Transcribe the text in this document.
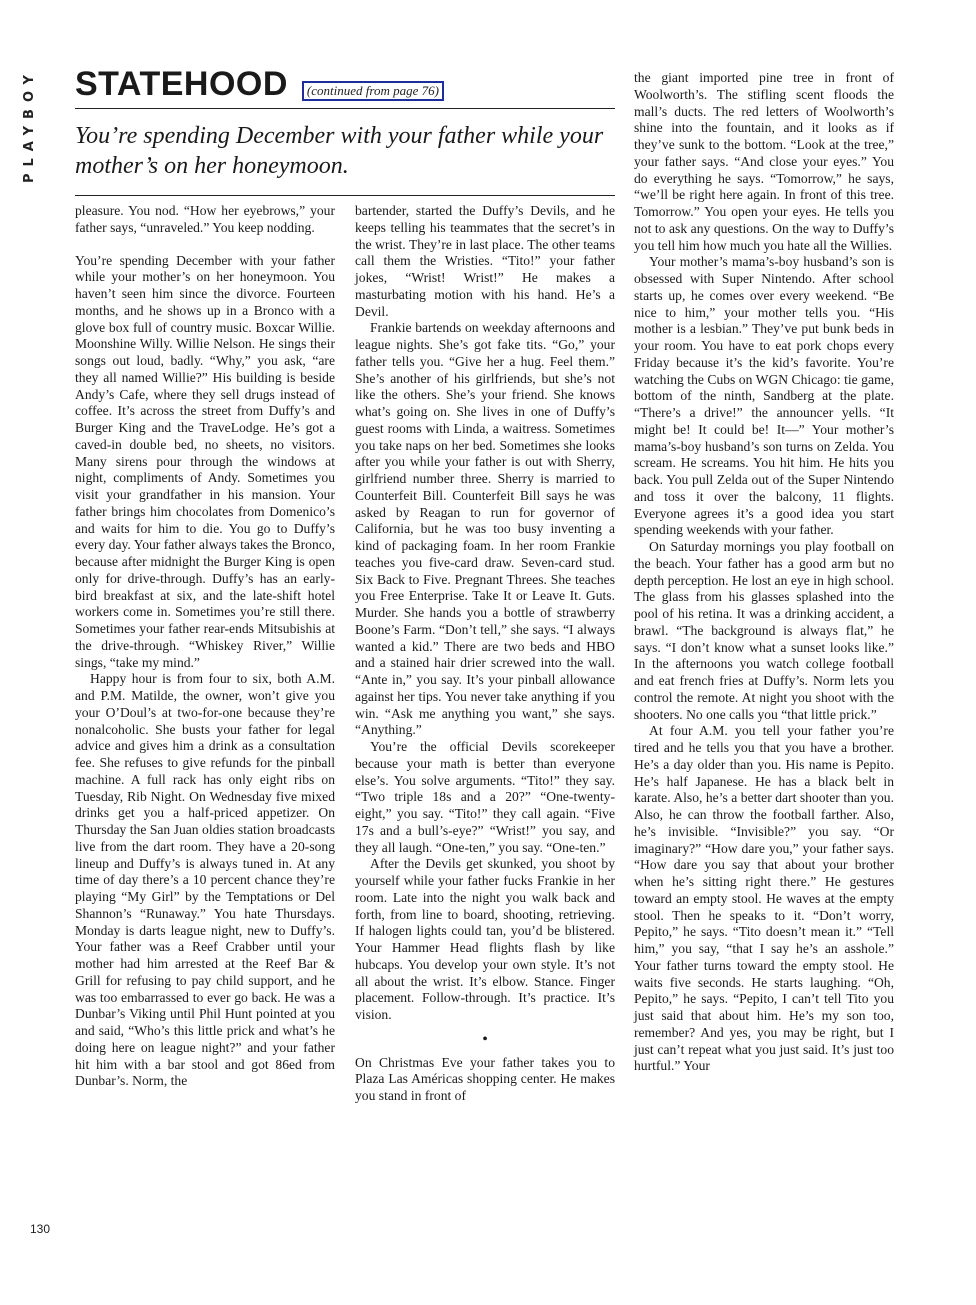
PLAYBOY
130
STATEHOOD	(continued from page 76)
You’re spending December with your father while your mother’s on her honeymoon.

pleasure. You nod. “How her eyebrows,” your father says, “unraveled.” You keep nodding.

You’re spending December with your father while your mother’s on her honeymoon. You haven’t seen him since the divorce. Fourteen months, and he shows up in a Bronco with a glove box full of country music. Boxcar Willie. Moonshine Willy. Willie Nelson. He sings their songs out loud, badly. “Why,” you ask, “are they all named Willie?” His building is beside Andy’s Cafe, where they sell drugs instead of coffee. It’s across the street from Duffy’s and Burger King and the TraveLodge. He’s got a caved-in double bed, no sheets, no visitors. Many sirens pour through the windows at night, compliments of Andy. Sometimes you visit your grandfather in his mansion. Your father brings him chocolates from Domenico’s and waits for him to die. You go to Duffy’s every day. Your father always takes the Bronco, because after midnight the Burger King is open only for drive-through. Duffy’s has an early-bird breakfast at six, and the late-shift hotel workers come in. Sometimes you’re still there. Sometimes your father rear-ends Mitsubishis at the drive-through. “Whiskey River,” Willie sings, “take my mind.”

Happy hour is from four to six, both A.M. and P.M. Matilde, the owner, won’t give you your O’Doul’s at two-for-one because they’re nonalcoholic. She busts your father for legal advice and gives him a drink as a consultation fee. She refuses to give refunds for the pinball machine. A full rack has only eight ribs on Tuesday, Rib Night. On Wednesday five mixed drinks get you a half-priced appetizer. On Thursday the San Juan oldies station broadcasts live from the dart room. They have a 20-song lineup and Duffy’s is always tuned in. At any time of day there’s a 10 percent chance they’re playing “My Girl” by the Temptations or Del Shannon’s “Runaway.” You hate Thursdays. Monday is darts league night, new to Duffy’s. Your father was a Reef Crabber until your mother had him arrested at the Reef Bar & Grill for refusing to pay child support, and he was too embarrassed to ever go back. He was a Dunbar’s Viking until Phil Hunt pointed at you and said, “Who’s this little prick and what’s he doing here on league night?” and your father hit him with a bar stool and got 86ed from Dunbar’s. Norm, the

bartender, started the Duffy’s Devils, and he keeps telling his teammates that the secret’s in the wrist. They’re in last place. The other teams call them the Wristies. “Tito!” your father jokes, “Wrist! Wrist!” He makes a masturbating motion with his hand. He’s a Devil.

Frankie bartends on weekday afternoons and league nights. She’s got fake tits. “Go,” your father tells you. “Give her a hug. Feel them.” She’s another of his girlfriends, but she’s not like the others. She’s your friend. She knows what’s going on. She lives in one of Duffy’s guest rooms with Linda, a waitress. Sometimes you take naps on her bed. Sometimes she looks after you while your father is out with Sherry, girlfriend number three. Sherry is married to Counterfeit Bill. Counterfeit Bill says he was asked by Reagan to run for governor of California, but he was too busy inventing a kind of packaging foam. In her room Frankie teaches you five-card draw. Seven-card stud. Six Back to Five. Pregnant Threes. She teaches you Free Enterprise. Take It or Leave It. Guts. Murder. She hands you a bottle of strawberry Boone’s Farm. “Don’t tell,” she says. “I always wanted a kid.” There are two beds and HBO and a stained hair drier screwed into the wall. “Ante in,” you say. It’s your pinball allowance against her tips. You never take anything if you win. “Ask me anything you want,” she says. “Anything.”

You’re the official Devils scorekeeper because your math is better than everyone else’s. You solve arguments. “Tito!” they say. “Two triple 18s and a 20?” “One-twenty-eight,” you say. “Tito!” they call again. “Five 17s and a bull’s-eye?” “Wrist!” you say, and they all laugh. “One-ten,” you say. “One-ten.”

After the Devils get skunked, you shoot by yourself while your father fucks Frankie in her room. Late into the night you walk back and forth, from line to board, shooting, retrieving. If halogen lights could tan, you’d be blistered. Your Hammer Head flights flash by like hubcaps. You develop your own style. It’s not all about the wrist. It’s elbow. Stance. Finger placement. Follow-through. It’s practice. It’s vision.

•

On Christmas Eve your father takes you to Plaza Las Américas shopping center. He makes you stand in front of

the giant imported pine tree in front of Woolworth’s. The stifling scent floods the mall’s ducts. The red letters of Woolworth’s shine into the fountain, and it looks as if they’ve sunk to the bottom. “Look at the tree,” your father says. “And close your eyes.” You do everything he says. “Tomorrow,” he says, “we’ll be right here again. In front of this tree. Tomorrow.” You open your eyes. He tells you not to ask any questions. On the way to Duffy’s you tell him how much you hate all the Willies.

Your mother’s mama’s-boy husband’s son is obsessed with Super Nintendo. After school starts up, he comes over every weekend. “Be nice to him,” your mother tells you. “His mother is a lesbian.” They’ve put bunk beds in your room. You have to eat pork chops every Friday because it’s the kid’s favorite. You’re watching the Cubs on WGN Chicago: tie game, bottom of the ninth, Sandberg at the plate. “There’s a drive!” the announcer yells. “It might be! It could be! It—” Your mother’s mama’s-boy husband’s son turns on Zelda. You scream. He screams. You hit him. He hits you back. You pull Zelda out of the Super Nintendo and toss it over the balcony, 11 flights. Everyone agrees it’s a good idea you start spending weekends with your father.

On Saturday mornings you play football on the beach. Your father has a good arm but no depth perception. He lost an eye in high school. The glass from his glasses splashed into the pool of his retina. It was a drinking accident, a brawl. “The background is always flat,” he says. “I don’t know what a sunset looks like.” In the afternoons you watch college football and eat french fries at Duffy’s. Norm lets you control the remote. At night you shoot with the shooters. No one calls you “that little prick.”

At four A.M. you tell your father you’re tired and he tells you that you have a brother. He’s a day older than you. His name is Pepito. He’s half Japanese. He has a black belt in karate. Also, he’s a better dart shooter than you. Also, he can throw the football farther. Also, he’s invisible. “Invisible?” you say. “Or imaginary?” “How dare you,” your father says. “How dare you say that about your brother when he’s sitting right there.” He gestures toward an empty stool. He waves at the empty stool. Then he speaks to it. “Don’t worry, Pepito,” he says. “Tito doesn’t mean it.” “Tell him,” you say, “that I say he’s an asshole.” Your father turns toward the empty stool. He waits five seconds. He starts laughing. “Oh, Pepito,” he says. “Pepito, I can’t tell Tito you just said that about him. He’s my son too, remember? And yes, you may be right, but I just can’t repeat what you just said. It’s just too hurtful.” Your
